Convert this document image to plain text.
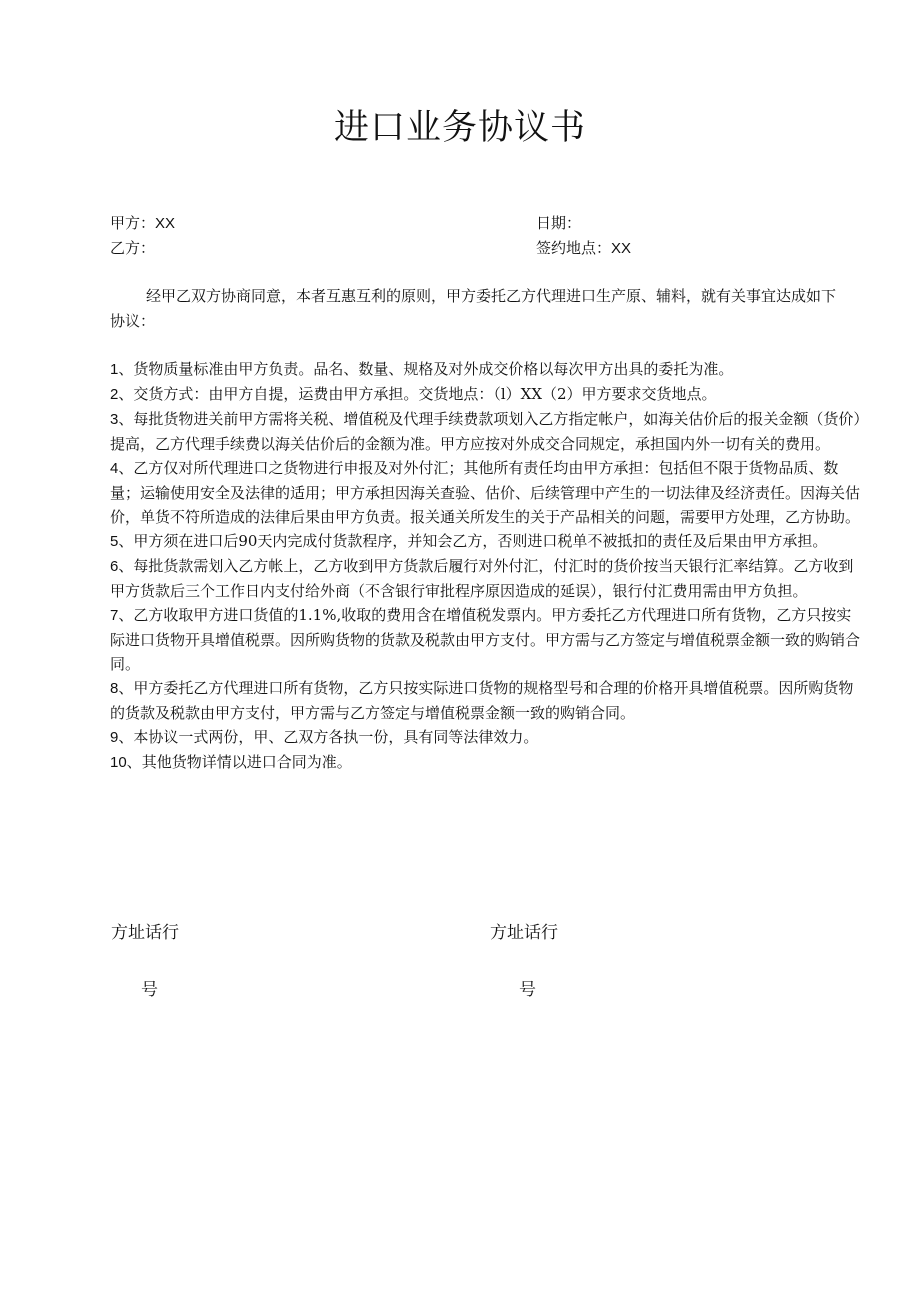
进口业务协议书
甲方：XX	日期：
乙方：	签约地点：XX

经甲乙双方协商同意，本者互惠互利的原则，甲方委托乙方代理进口生产原、辅料，就有关事宜达成如下协议：

1、货物质量标准由甲方负责。品名、数量、规格及对外成交价格以每次甲方出具的委托为准。
2、交货方式：由甲方自提，运费由甲方承担。交货地点：（l）XX（2）甲方要求交货地点。
3、每批货物进关前甲方需将关税、增值税及代理手续费款项划入乙方指定帐户，如海关估价后的报关金额（货价）提高，乙方代理手续费以海关估价后的金额为准。甲方应按对外成交合同规定，承担国内外一切有关的费用。
4、乙方仅对所代理进口之货物进行申报及对外付汇；其他所有责任均由甲方承担：包括但不限于货物品质、数量；运输使用安全及法律的适用；甲方承担因海关查验、估价、后续管理中产生的一切法律及经济责任。因海关估价，单货不符所造成的法律后果由甲方负责。报关通关所发生的关于产品相关的问题，需要甲方处理，乙方协助。
5、甲方须在进口后90天内完成付货款程序，并知会乙方，否则进口税单不被抵扣的责任及后果由甲方承担。
6、每批货款需划入乙方帐上，乙方收到甲方货款后履行对外付汇，付汇时的货价按当天银行汇率结算。乙方收到甲方货款后三个工作日内支付给外商（不含银行审批程序原因造成的延误），银行付汇费用需由甲方负担。
7、乙方收取甲方进口货值的1.1%,收取的费用含在增值税发票内。甲方委托乙方代理进口所有货物，乙方只按实际进口货物开具增值税票。因所购货物的货款及税款由甲方支付。甲方需与乙方签定与增值税票金额一致的购销合同。
8、甲方委托乙方代理进口所有货物，乙方只按实际进口货物的规格型号和合理的价格开具增值税票。因所购货物的货款及税款由甲方支付，甲方需与乙方签定与增值税票金额一致的购销合同。
9、本协议一式两份，甲、乙双方各执一份，具有同等法律效力。
10、其他货物详情以进口合同为准。
方址话行
号
方址话行
号
